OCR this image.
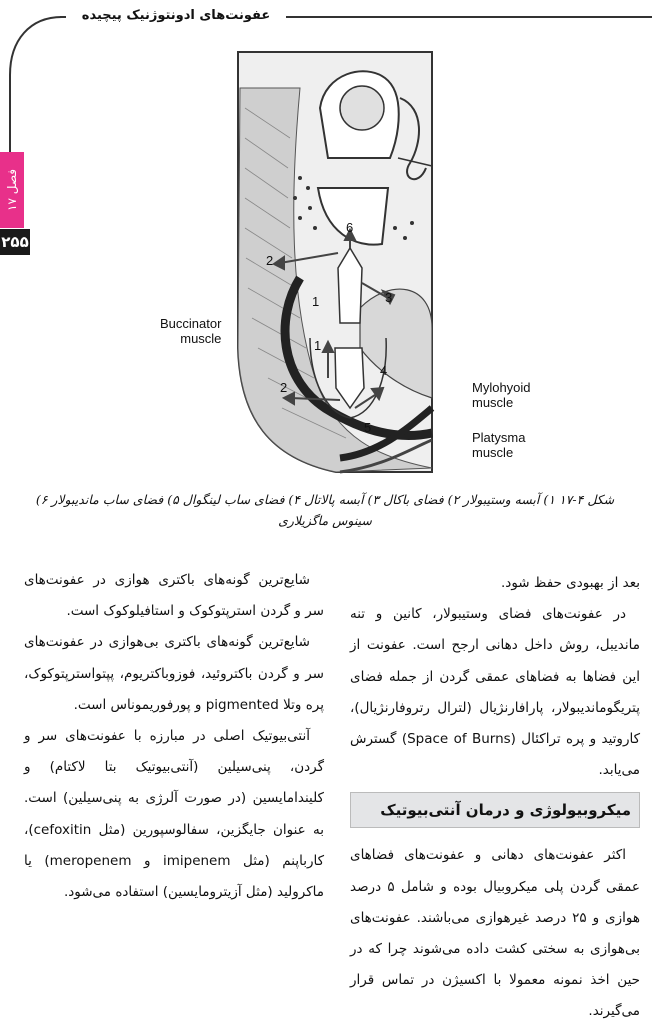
عفونت‌های ادونتوژنیک پیچیده
فصل ۱۷
۲۵۵
Buccinator
muscle
Mylohyoid
muscle
Platysma
muscle
6
2
3
1
1
4
2
5
شکل ۴-۱۷ ۱) آبسه وستیبولار ۲) فضای باکال ۳) آبسه پالاتال ۴) فضای ساب لینگوال ۵) فضای ساب ماندیبولار ۶) سینوس ماگزیلاری

بعد از بهبودی حفظ شود.

در عفونت‌های فضای وستیبولار، کانین و تنه ماندیبل، روش داخل دهانی ارجح است. عفونت از این فضاها به فضاهای عمقی گردن از جمله فضای پتریگوماندیبولار، پارافارنژیال (لترال رتروفارنژیال)، کاروتید و پره تراکئال (Space of Burns) گسترش می‌یابد.

میکروبیولوژی و درمان آنتی‌بیوتیک

اکثر عفونت‌های دهانی و عفونت‌های فضاهای عمقی گردن پلی میکروبیال بوده و شامل ۵ درصد هوازی و ۲۵ درصد غیرهوازی می‌باشند. عفونت‌های بی‌هوازی به سختی کشت داده می‌شوند چرا که در حین اخذ نمونه معمولا با اکسیژن در تماس قرار می‌گیرند.

شایع‌ترین گونه‌های باکتری هوازی در عفونت‌های سر و گردن استرپتوکوک و استافیلوکوک است.

شایع‌ترین گونه‌های باکتری بی‌هوازی در عفونت‌های سر و گردن باکتروئید، فوزوباکتریوم، پپتواسترپتوکوک، پره وتلا pigmented و پورفوریموناس است.

آنتی‌بیوتیک اصلی در مبارزه با عفونت‌های سر و گردن، پنی‌سیلین (آنتی‌بیوتیک بتا لاکتام) و کلیندامایسین (در صورت آلرژی به پنی‌سیلین) است. به عنوان جایگزین، سفالوسپورین (مثل cefoxitin)، کارباپنم (مثل imipenem و meropenem) یا ماکرولید (مثل آزیترومایسین) استفاده می‌شود.
